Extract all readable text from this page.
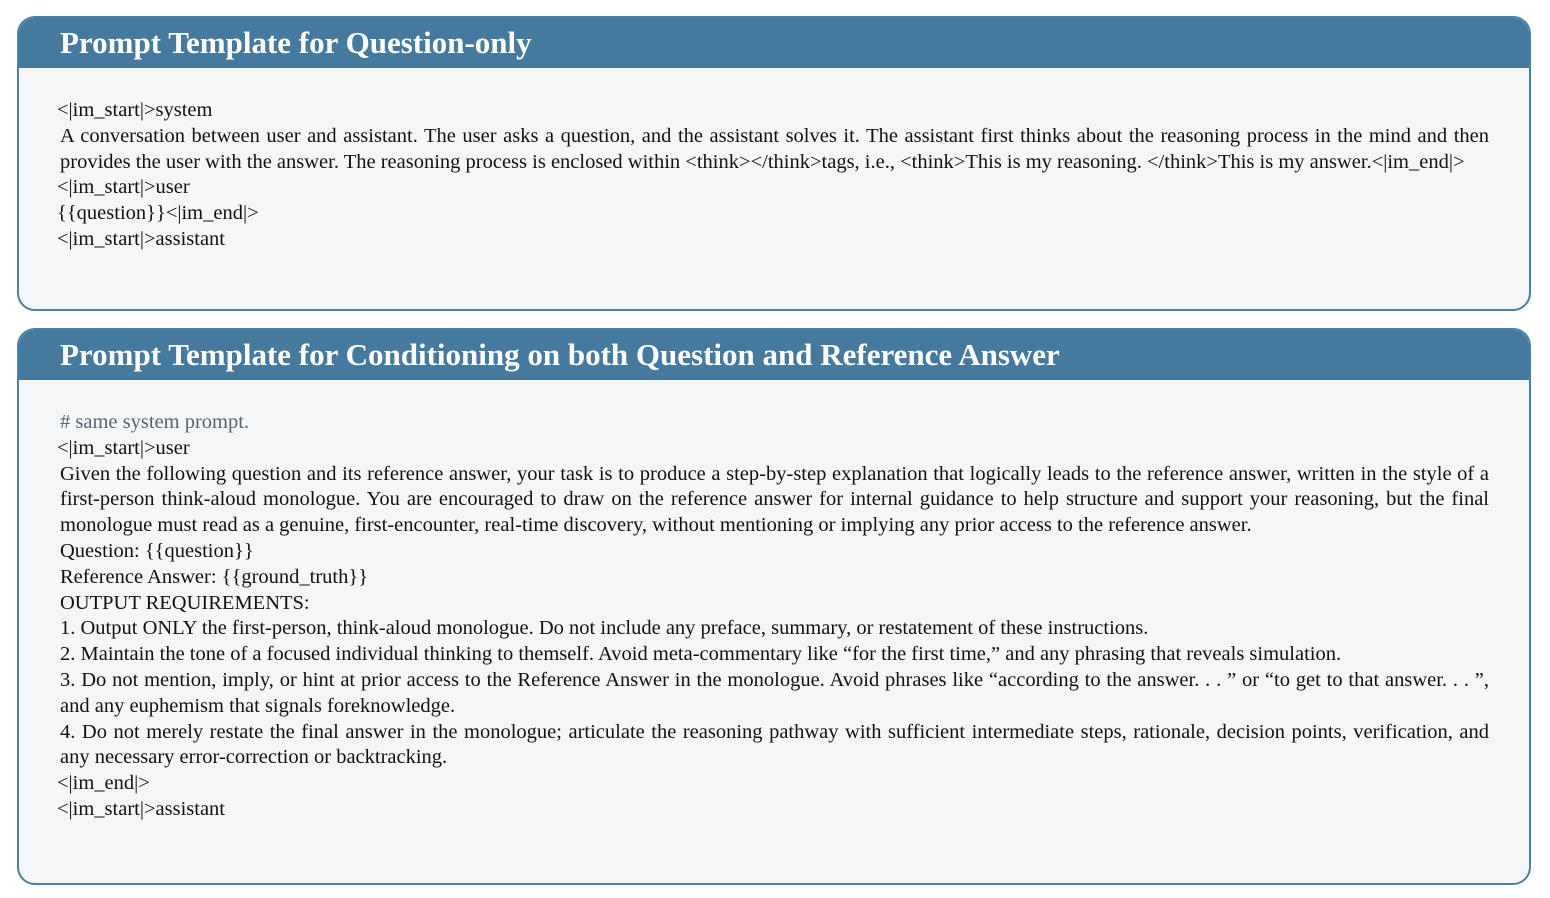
Prompt Template for Question-only
<|im_start|>system

A conversation between user and assistant. The user asks a question, and the assistant solves it. The assistant first thinks about the reasoning process in the mind and then provides the user with the answer. The reasoning process is enclosed within <think></think>tags, i.e., <think>This is my reasoning. </think>This is my answer.<|im_end|>

<|im_start|>user
{{question}}<|im_end|>
<|im_start|>assistant
Prompt Template for Conditioning on both Question and Reference Answer
# same system prompt.
<|im_start|>user

Given the following question and its reference answer, your task is to produce a step-by-step explanation that logically leads to the reference answer, written in the style of a first-person think-aloud monologue. You are encouraged to draw on the reference answer for internal guidance to help structure and support your reasoning, but the final monologue must read as a genuine, first-encounter, real-time discovery, without mentioning or implying any prior access to the reference answer.

Question: {{question}}
Reference Answer: {{ground_truth}}
OUTPUT REQUIREMENTS:

1. Output ONLY the first-person, think-aloud monologue. Do not include any preface, summary, or restatement of these instructions.

2. Maintain the tone of a focused individual thinking to themself. Avoid meta-commentary like “for the first time,” and any phrasing that reveals simulation.

3. Do not mention, imply, or hint at prior access to the Reference Answer in the monologue. Avoid phrases like “according to the answer. . . ” or “to get to that answer. . . ”, and any euphemism that signals foreknowledge.

4. Do not merely restate the final answer in the monologue; articulate the reasoning pathway with sufficient intermediate steps, rationale, decision points, verification, and any necessary error-correction or backtracking.

<|im_end|>
<|im_start|>assistant
